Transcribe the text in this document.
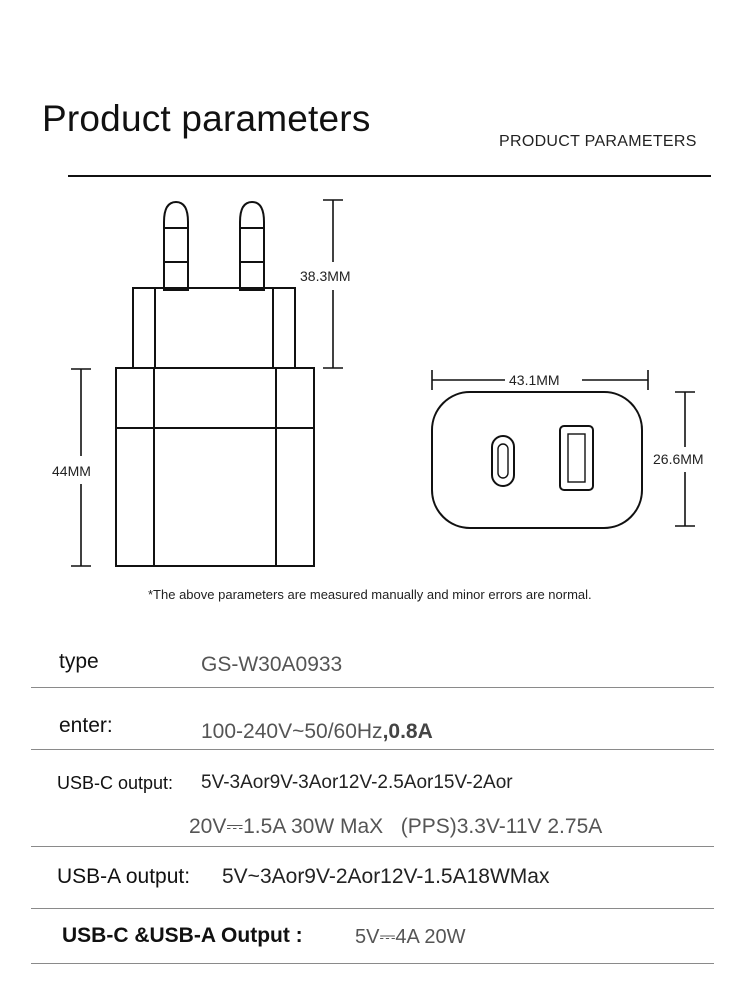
Product parameters
PRODUCT PARAMETERS
38.3MM
44MM
43.1MM
26.6MM
*The above parameters are measured manually and minor errors are normal.
type	GS-W30A0933
enter:	100-240V~50/60Hz,0.8A
USB-C output: 5V-3Aor9V-3Aor12V-2.5Aor15V-2Aor
20V⎓1.5A 30W MaX   (PPS)3.3V-11V 2.75A
USB-A output: 5V~3Aor9V-2Aor12V-1.5A18WMax
USB-C &USB-A Output :	5V⎓4A 20W
